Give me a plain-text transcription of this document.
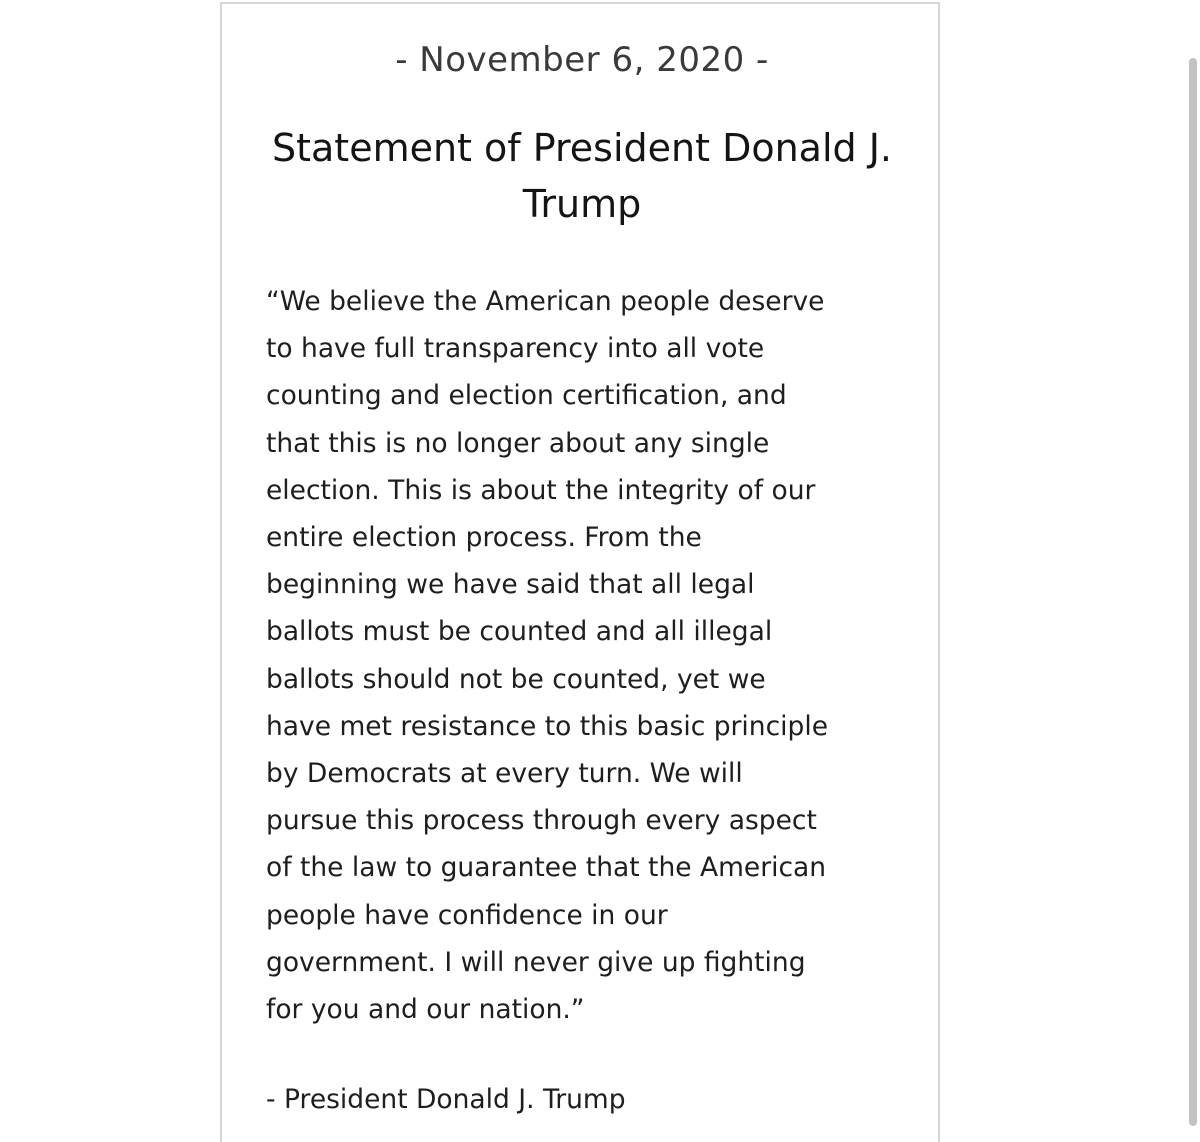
- November 6, 2020 -
Statement of President Donald J. Trump
“We believe the American people deserve
to have full transparency into all vote
counting and election certification, and
that this is no longer about any single
election. This is about the integrity of our
entire election process. From the
beginning we have said that all legal
ballots must be counted and all illegal
ballots should not be counted, yet we
have met resistance to this basic principle
by Democrats at every turn. We will
pursue this process through every aspect
of the law to guarantee that the American
people have confidence in our
government. I will never give up fighting
for you and our nation.”
- President Donald J. Trump
